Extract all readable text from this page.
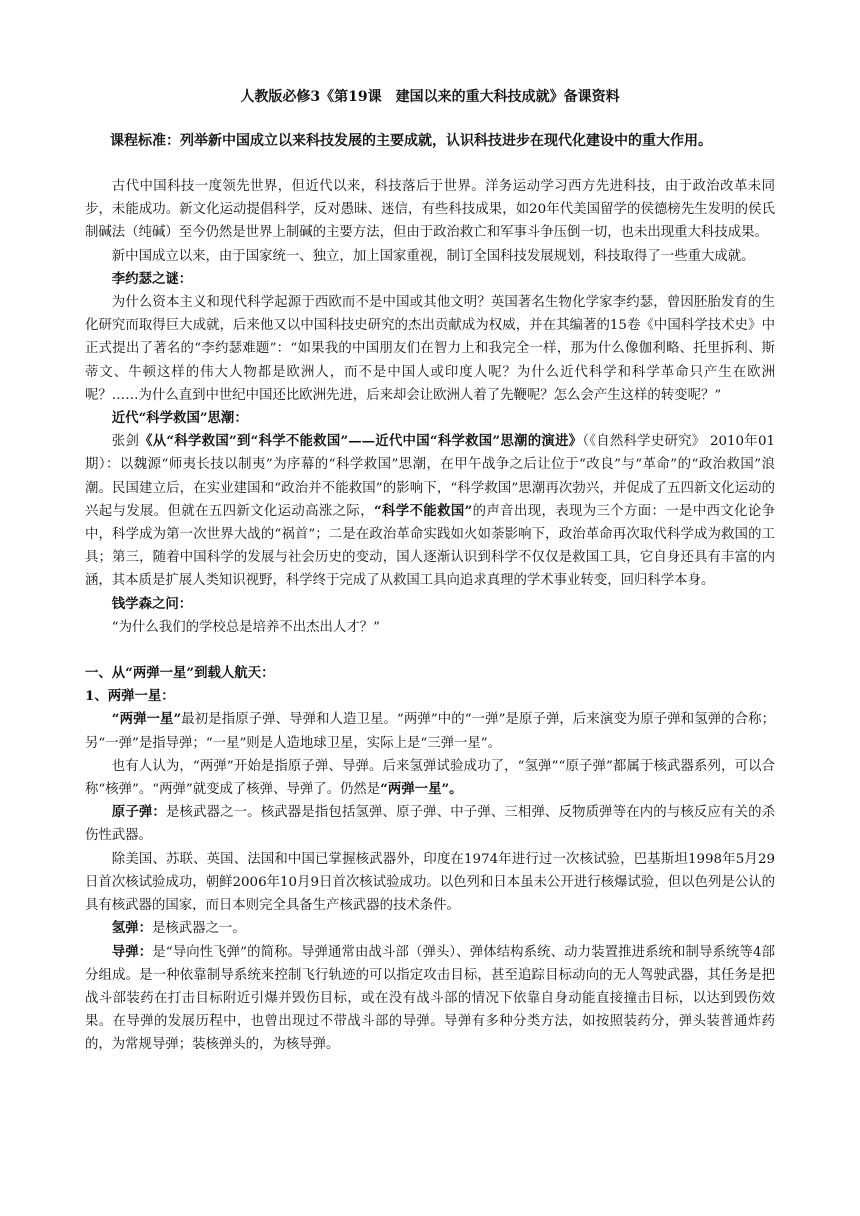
人教版必修3《第19课　建国以来的重大科技成就》备课资料
课程标准：列举新中国成立以来科技发展的主要成就，认识科技进步在现代化建设中的重大作用。

古代中国科技一度领先世界，但近代以来，科技落后于世界。洋务运动学习西方先进科技，由于政治改革未同步，未能成功。新文化运动提倡科学，反对愚昧、迷信，有些科技成果，如20年代美国留学的侯德榜先生发明的侯氏制碱法（纯碱）至今仍然是世界上制碱的主要方法，但由于政治救亡和军事斗争压倒一切，也未出现重大科技成果。

新中国成立以来，由于国家统一、独立，加上国家重视，制订全国科技发展规划，科技取得了一些重大成就。

李约瑟之谜：

为什么资本主义和现代科学起源于西欧而不是中国或其他文明？英国著名生物化学家李约瑟，曾因胚胎发育的生化研究而取得巨大成就，后来他又以中国科技史研究的杰出贡献成为权威，并在其编著的15卷《中国科学技术史》中正式提出了著名的“李约瑟难题”：“如果我的中国朋友们在智力上和我完全一样，那为什么像伽利略、托里拆利、斯蒂文、牛顿这样的伟大人物都是欧洲人，而不是中国人或印度人呢？为什么近代科学和科学革命只产生在欧洲呢？……为什么直到中世纪中国还比欧洲先进，后来却会让欧洲人着了先鞭呢？怎么会产生这样的转变呢？”

近代“科学救国”思潮：

张剑《从“科学救国”到“科学不能救国”——近代中国“科学救国”思潮的演进》（《自然科学史研究》 2010年01期）：以魏源“师夷长技以制夷”为序幕的“科学救国”思潮，在甲午战争之后让位于“改良”与“革命”的“政治救国”浪潮。民国建立后，在实业建国和“政治并不能救国”的影响下，“科学救国”思潮再次勃兴，并促成了五四新文化运动的兴起与发展。但就在五四新文化运动高涨之际，“科学不能救国”的声音出现，表现为三个方面：一是中西文化论争中，科学成为第一次世界大战的“祸首”；二是在政治革命实践如火如荼影响下，政治革命再次取代科学成为救国的工具；第三，随着中国科学的发展与社会历史的变动，国人逐渐认识到科学不仅仅是救国工具，它自身还具有丰富的内涵，其本质是扩展人类知识视野，科学终于完成了从救国工具向追求真理的学术事业转变，回归科学本身。

钱学森之问：

“为什么我们的学校总是培养不出杰出人才？”

一、从“两弹一星”到载人航天：

1、两弹一星：

“两弹一星”最初是指原子弹、导弹和人造卫星。“两弹”中的“一弹”是原子弹，后来演变为原子弹和氢弹的合称；另“一弹”是指导弹；“一星”则是人造地球卫星，实际上是“三弹一星”。

也有人认为，“两弹”开始是指原子弹、导弹。后来氢弹试验成功了，“氢弹”“原子弹”都属于核武器系列，可以合称“核弹”。“两弹”就变成了核弹、导弹了。仍然是“两弹一星”。

原子弹：是核武器之一。核武器是指包括氢弹、原子弹、中子弹、三相弹、反物质弹等在内的与核反应有关的杀伤性武器。

除美国、苏联、英国、法国和中国已掌握核武器外，印度在1974年进行过一次核试验，巴基斯坦1998年5月29日首次核试验成功，朝鲜2006年10月9日首次核试验成功。以色列和日本虽未公开进行核爆试验，但以色列是公认的具有核武器的国家，而日本则完全具备生产核武器的技术条件。

氢弹：是核武器之一。

导弹：是“导向性飞弹”的简称。导弹通常由战斗部（弹头）、弹体结构系统、动力装置推进系统和制导系统等4部分组成。是一种依靠制导系统来控制飞行轨迹的可以指定攻击目标，甚至追踪目标动向的无人驾驶武器，其任务是把战斗部装药在打击目标附近引爆并毁伤目标，或在没有战斗部的情况下依靠自身动能直接撞击目标，以达到毁伤效果。在导弹的发展历程中，也曾出现过不带战斗部的导弹。导弹有多种分类方法，如按照装药分，弹头装普通炸药的，为常规导弹；装核弹头的，为核导弹。
